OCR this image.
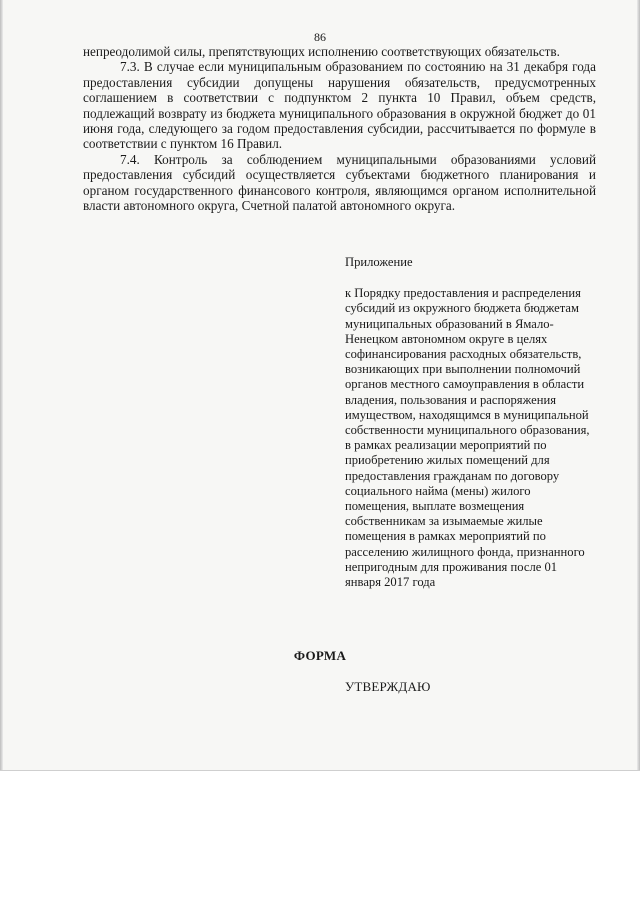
86

непреодолимой силы, препятствующих исполнению соответствующих обязательств.

7.3. В случае если муниципальным образованием по состоянию на 31 декабря года предоставления субсидии допущены нарушения обязательств, предусмотренных соглашением в соответствии с подпунктом 2 пункта 10 Правил, объем средств, подлежащий возврату из бюджета муниципального образования в окружной бюджет до 01 июня года, следующего за годом предоставления субсидии, рассчитывается по формуле в соответствии с пунктом 16 Правил.

7.4. Контроль за соблюдением муниципальными образованиями условий предоставления субсидий осуществляется субъектами бюджетного планирования и органом государственного финансового контроля, являющимся органом исполнительной власти автономного округа, Счетной палатой автономного округа.

Приложение

к Порядку предоставления и распределения субсидий из окружного бюджета бюджетам муниципальных образований в Ямало-Ненецком автономном округе в целях софинансирования расходных обязательств, возникающих при выполнении полномочий органов местного самоуправления в области владения, пользования и распоряжения имуществом, находящимся в муниципальной собственности муниципального образования, в рамках реализации мероприятий по приобретению жилых помещений для предоставления гражданам по договору социального найма (мены) жилого помещения, выплате возмещения собственникам за изымаемые жилые помещения в рамках мероприятий по расселению жилищного фонда, признанного непригодным для проживания после 01 января 2017 года

ФОРМА
УТВЕРЖДАЮ
